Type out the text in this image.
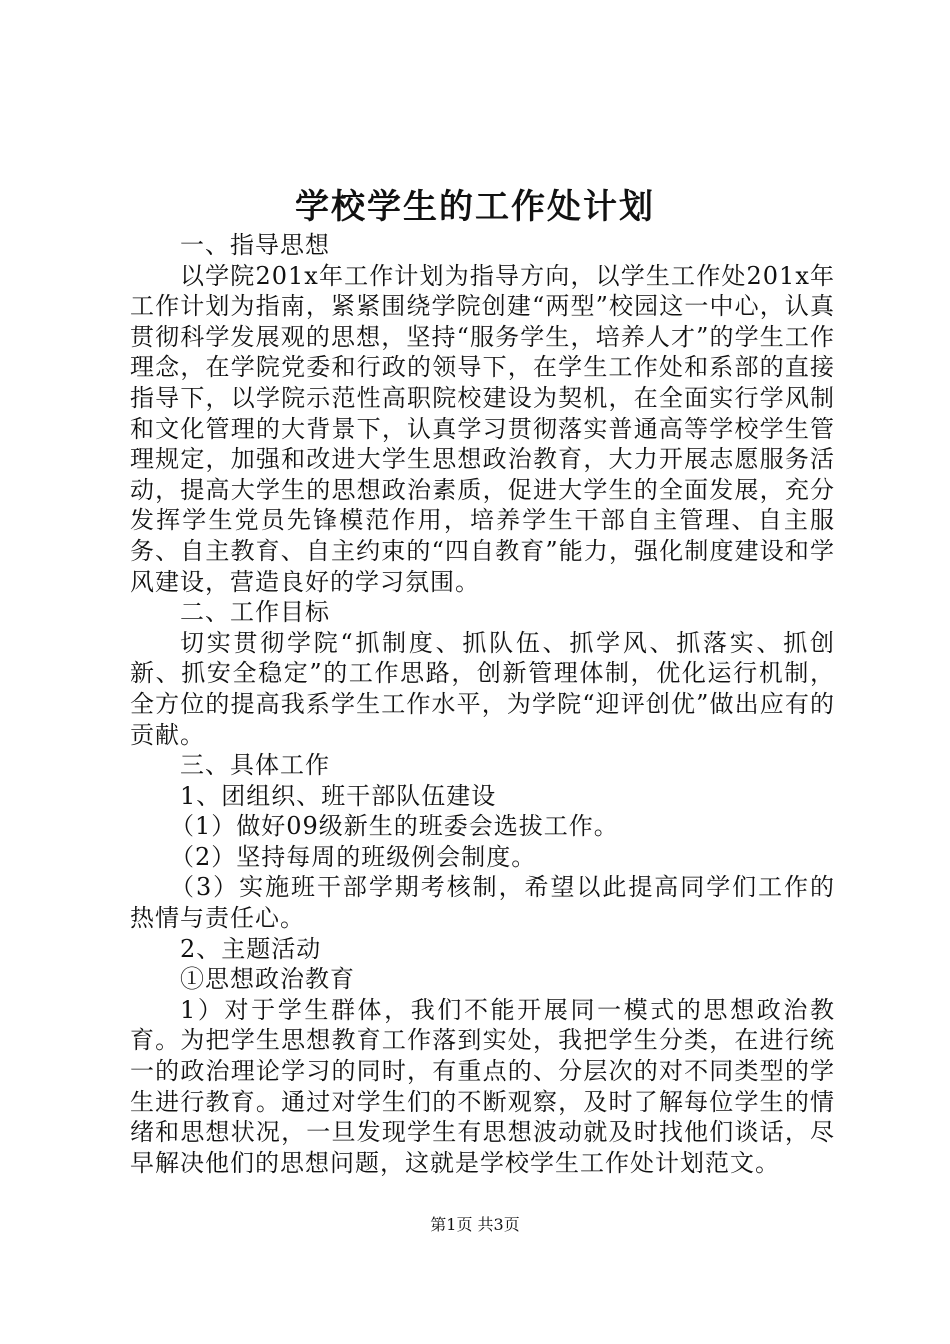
学校学生的工作处计划

一、指导思想

以学院201x年工作计划为指导方向，以学生工作处201x年工作计划为指南，紧紧围绕学院创建“两型”校园这一中心，认真贯彻科学发展观的思想，坚持“服务学生，培养人才”的学生工作理念，在学院党委和行政的领导下，在学生工作处和系部的直接指导下，以学院示范性高职院校建设为契机，在全面实行学风制和文化管理的大背景下，认真学习贯彻落实普通高等学校学生管理规定，加强和改进大学生思想政治教育，大力开展志愿服务活动，提高大学生的思想政治素质，促进大学生的全面发展，充分发挥学生党员先锋模范作用，培养学生干部自主管理、自主服务、自主教育、自主约束的“四自教育”能力，强化制度建设和学风建设，营造良好的学习氛围。

二、工作目标

切实贯彻学院“抓制度、抓队伍、抓学风、抓落实、抓创新、抓安全稳定”的工作思路，创新管理体制，优化运行机制，全方位的提高我系学生工作水平，为学院“迎评创优”做出应有的贡献。

三、具体工作

1、团组织、班干部队伍建设

（1）做好09级新生的班委会选拔工作。

（2）坚持每周的班级例会制度。

（3）实施班干部学期考核制，希望以此提高同学们工作的热情与责任心。

2、主题活动

①思想政治教育

1）对于学生群体，我们不能开展同一模式的思想政治教育。为把学生思想教育工作落到实处，我把学生分类，在进行统一的政治理论学习的同时，有重点的、分层次的对不同类型的学生进行教育。通过对学生们的不断观察，及时了解每位学生的情绪和思想状况，一旦发现学生有思想波动就及时找他们谈话，尽早解决他们的思想问题，这就是学校学生工作处计划范文。

第1页 共3页
